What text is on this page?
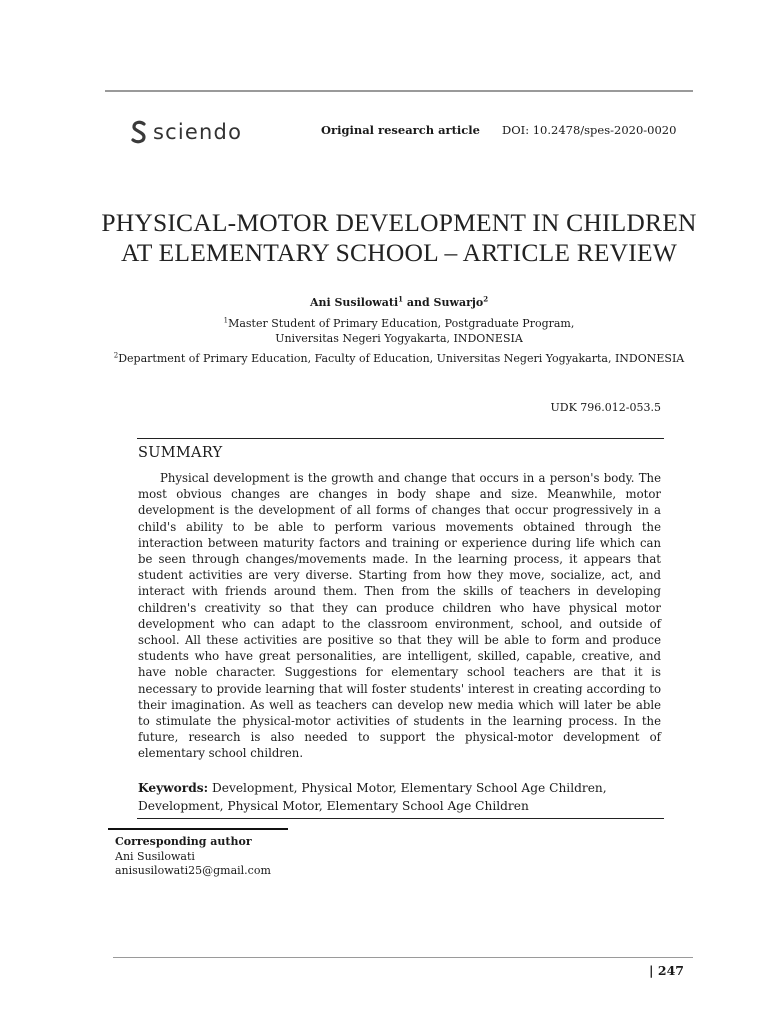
sciendo	Original research article DOI: 10.2478/spes-2020-0020
PHYSICAL-MOTOR DEVELOPMENT IN CHILDREN
AT ELEMENTARY SCHOOL – ARTICLE REVIEW
Ani Susilowati$^1$ and Suwarjo$^2$
$^1$Master Student of Primary Education, Postgraduate Program,
Universitas Negeri Yogyakarta, INDONESIA
$^2$Department of Primary Education, Faculty of Education, Universitas Negeri Yogyakarta, INDONESIA
UDK 796.012-053.5
SUMMARY

Physical development is the growth and change that occurs in a person's body. The most obvious changes are changes in body shape and size. Meanwhile, motor development is the development of all forms of changes that occur progressively in a child's ability to be able to perform various movements obtained through the interaction between maturity factors and training or experience during life which can be seen through changes/movements made. In the learning process, it appears that student activities are very diverse. Starting from how they move, socialize, act, and interact with friends around them. Then from the skills of teachers in developing children's creativity so that they can produce children who have physical motor development who can adapt to the classroom environment, school, and outside of school. All these activities are positive so that they will be able to form and produce students who have great personalities, are intelligent, skilled, capable, creative, and have noble character. Suggestions for elementary school teachers are that it is necessary to provide learning that will foster students' interest in creating according to their imagination. As well as teachers can develop new media which will later be able to stimulate the physical-motor activities of students in the learning process. In the future, research is also needed to support the physical-motor development of elementary school children.

Keywords: Development, Physical Motor, Elementary School Age Children,
Development, Physical Motor, Elementary School Age Children
Corresponding author
Ani Susilowati
anisusilowati25@gmail.com
| 247
